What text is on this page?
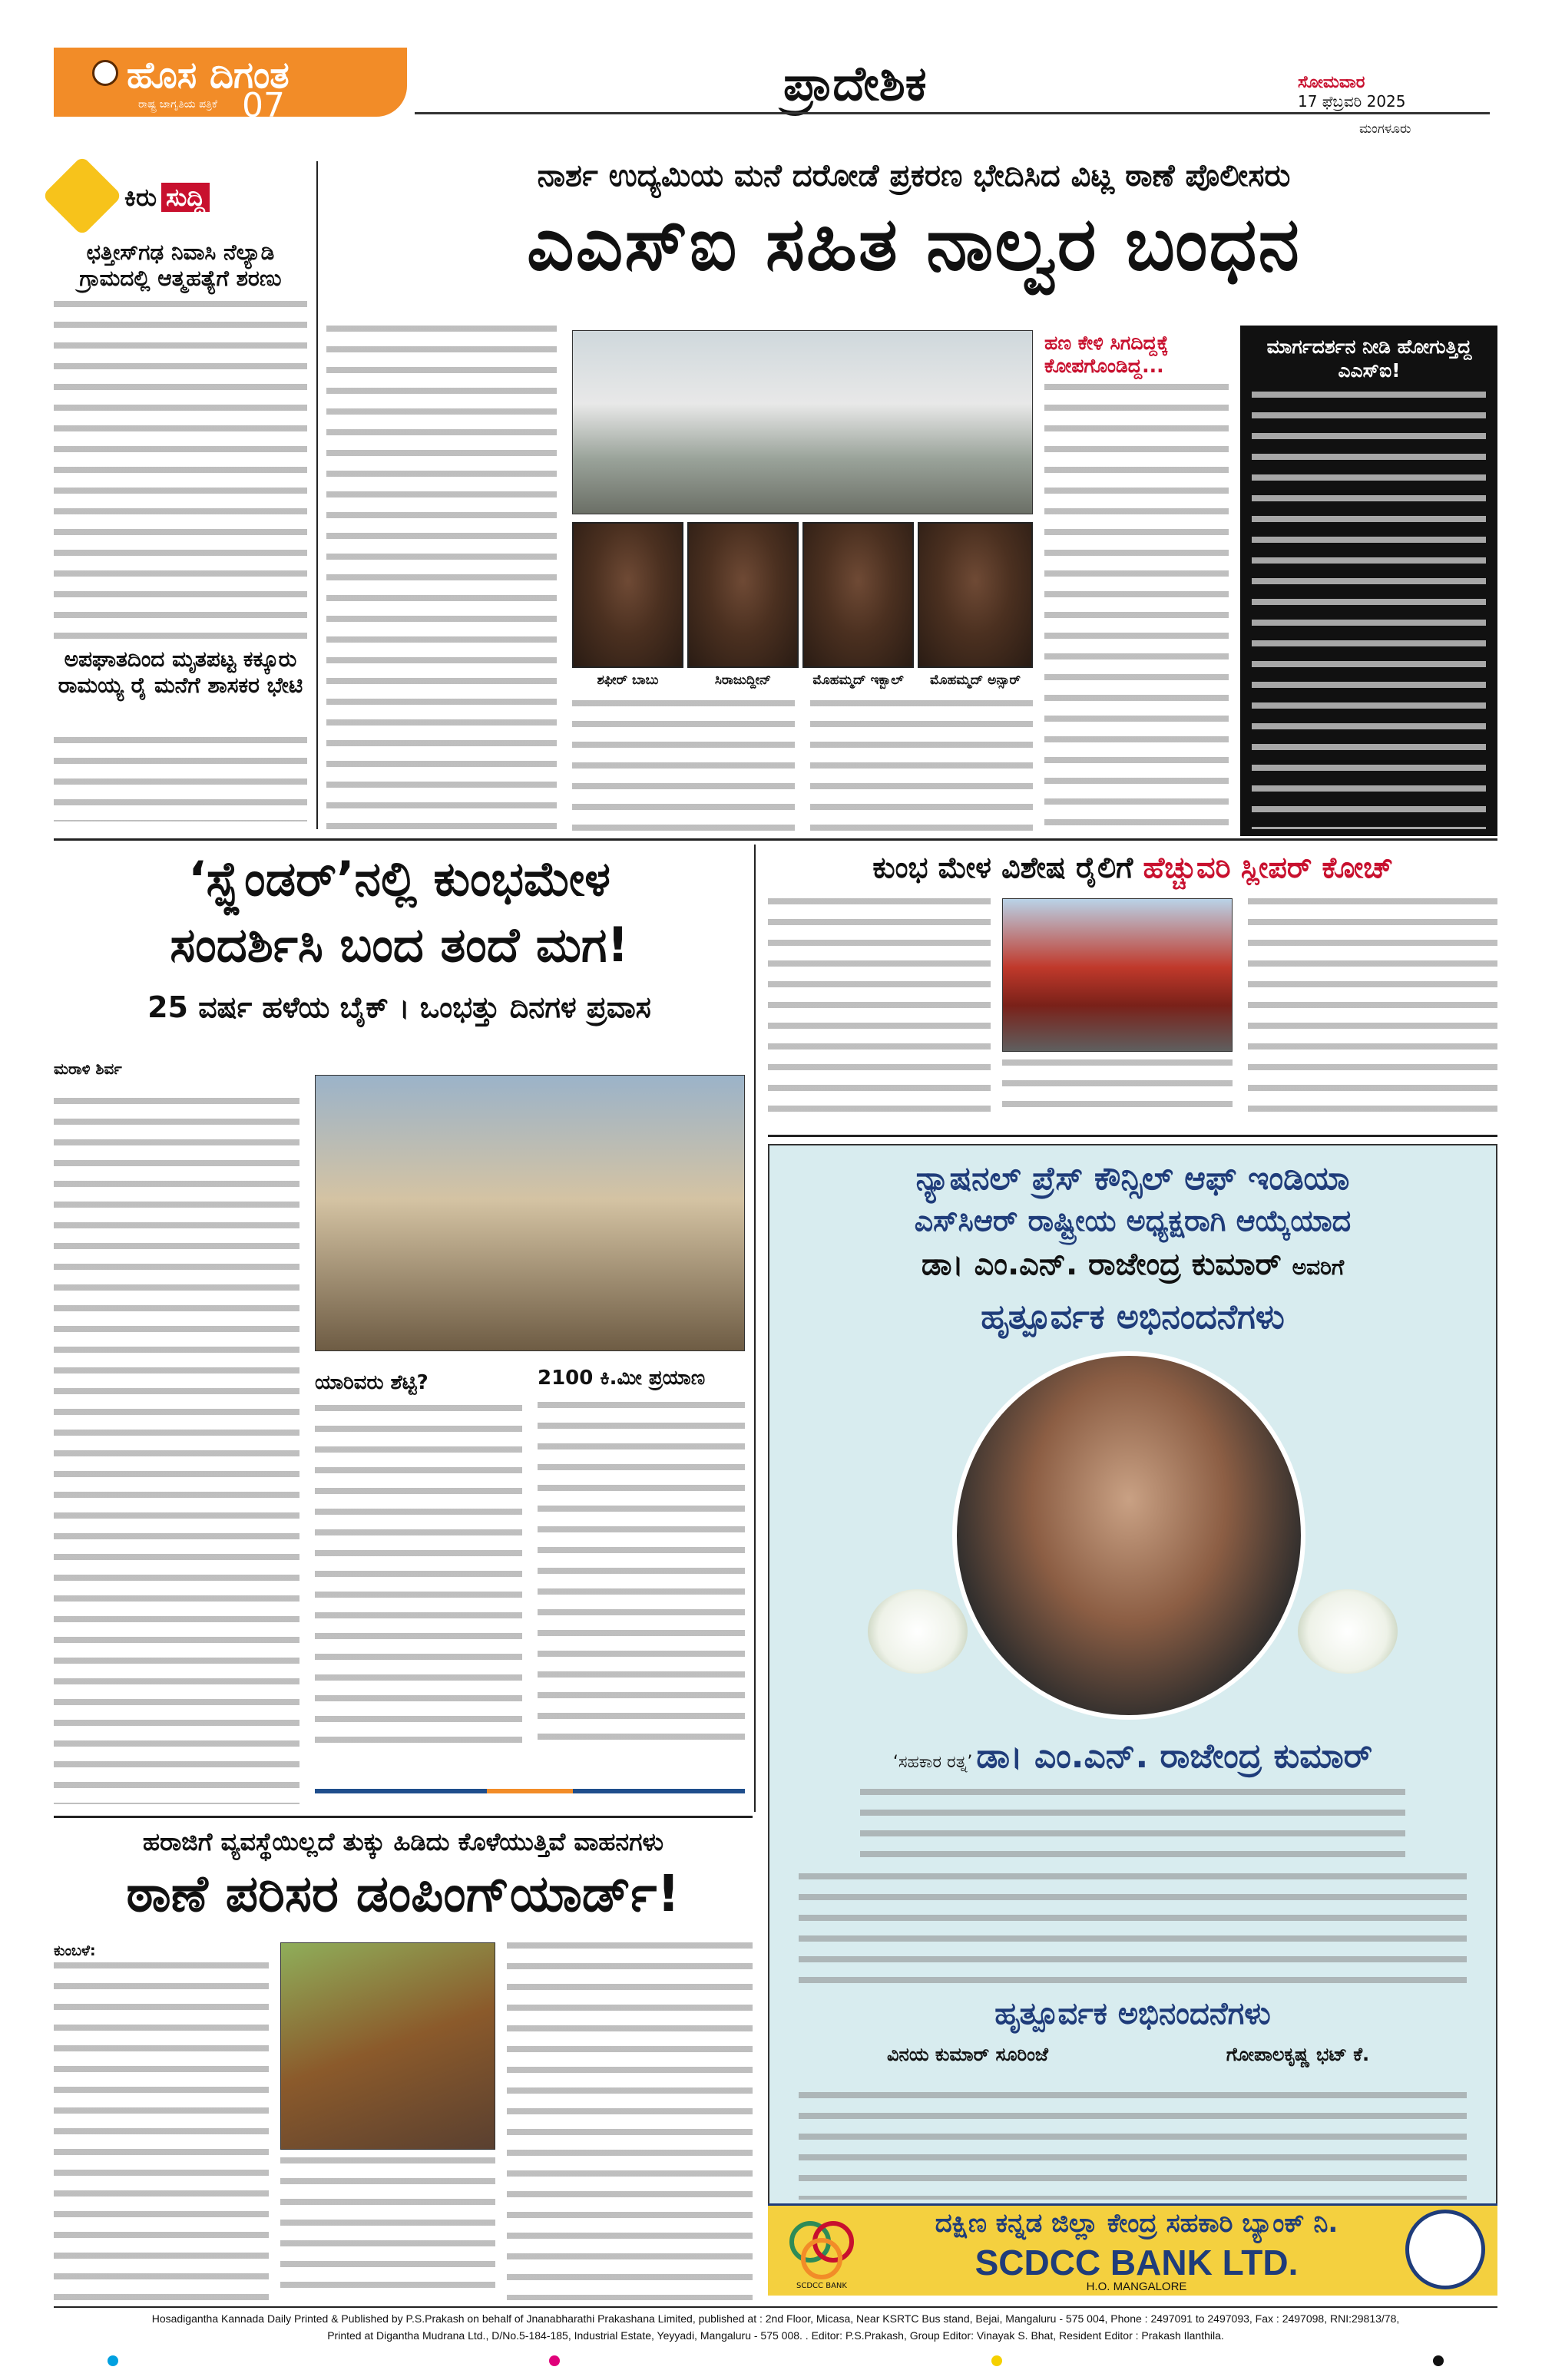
ಹೊಸ ದಿಗಂತ
ರಾಷ್ಟ್ರ ಜಾಗೃತಿಯ ಪತ್ರಿಕೆ 07	ಪ್ರಾದೇಶಿಕ	ಸೋಮವಾರ
17 ಫೆಬ್ರವರಿ 2025
ಮಂಗಳೂರು
ಕಿರು ಸುದ್ದಿ
ಛತ್ತೀಸ್‌ಗಢ ನಿವಾಸಿ ನೆಲ್ಯಾಡಿ ಗ್ರಾಮದಲ್ಲಿ ಆತ್ಮಹತ್ಯೆಗೆ ಶರಣು
ಅಪಘಾತದಿಂದ ಮೃತಪಟ್ಟ ಕಕ್ಕೂರು ರಾಮಯ್ಯ ರೈ ಮನೆಗೆ ಶಾಸಕರ ಭೇಟಿ
ನಾರ್ಶ ಉದ್ಯಮಿಯ ಮನೆ ದರೋಡೆ ಪ್ರಕರಣ ಭೇದಿಸಿದ ವಿಟ್ಲ ಠಾಣೆ ಪೊಲೀಸರು
ಎಎಸ್‌ಐ ಸಹಿತ ನಾಲ್ವರ ಬಂಧನ
ಶಫೀರ್ ಬಾಬು	ಸಿರಾಜುದ್ದೀನ್	ಮೊಹಮ್ಮದ್ ಇಕ್ಬಾಲ್	ಮೊಹಮ್ಮದ್ ಅನ್ಸಾರ್
ಹಣ ಕೇಳಿ ಸಿಗದಿದ್ದಕ್ಕೆ ಕೋಪಗೊಂಡಿದ್ದ...
ಮಾರ್ಗದರ್ಶನ ನೀಡಿ ಹೋಗುತ್ತಿದ್ದ ಎಎಸ್‌ಐ!
‘ಸ್ಪ್ಲೆಂಡರ್’ನಲ್ಲಿ ಕುಂಭಮೇಳ
ಸಂದರ್ಶಿಸಿ ಬಂದ ತಂದೆ ಮಗ!
25 ವರ್ಷ ಹಳೆಯ ಬೈಕ್ । ಒಂಭತ್ತು ದಿನಗಳ ಪ್ರವಾಸ
ಮರಾಳಿ ಶಿರ್ವ
ಯಾರಿವರು ಶೆಟ್ಟಿ?	2100 ಕಿ.ಮೀ ಪ್ರಯಾಣ
ಕುಂಭ ಮೇಳ ವಿಶೇಷ ರೈಲಿಗೆ ಹೆಚ್ಚುವರಿ ಸ್ಲೀಪರ್ ಕೋಚ್
ನ್ಯಾಷನಲ್ ಪ್ರೆಸ್ ಕೌನ್ಸಿಲ್ ಆಫ್ ಇಂಡಿಯಾ
ಎಸ್‌ಸಿಆರ್ ರಾಷ್ಟ್ರೀಯ ಅಧ್ಯಕ್ಷರಾಗಿ ಆಯ್ಕೆಯಾದ
ಡಾ। ಎಂ.ಎನ್. ರಾಜೇಂದ್ರ ಕುಮಾರ್ ಅವರಿಗೆ
ಹೃತ್ಪೂರ್ವಕ ಅಭಿನಂದನೆಗಳು
‘ಸಹಕಾರ ರತ್ನ’ ಡಾ। ಎಂ.ಎನ್. ರಾಜೇಂದ್ರ ಕುಮಾರ್
ಹೃತ್ಪೂರ್ವಕ ಅಭಿನಂದನೆಗಳು
ವಿನಯ ಕುಮಾರ್ ಸೂರಿಂಜೆ	ಗೋಪಾಲಕೃಷ್ಣ ಭಟ್ ಕೆ.
SCDCC BANK
ದಕ್ಷಿಣ ಕನ್ನಡ ಜಿಲ್ಲಾ ಕೇಂದ್ರ ಸಹಕಾರಿ ಬ್ಯಾಂಕ್ ನಿ.
SCDCC BANK LTD.
H.O. MANGALORE
ಹರಾಜಿಗೆ ವ್ಯವಸ್ಥೆಯಿಲ್ಲದೆ ತುಕ್ಕು ಹಿಡಿದು ಕೊಳೆಯುತ್ತಿವೆ ವಾಹನಗಳು
ಠಾಣೆ ಪರಿಸರ ಡಂಪಿಂಗ್‌ಯಾರ್ಡ್!
ಕುಂಬಳೆ:
Hosadigantha Kannada Daily Printed & Published by P.S.Prakash on behalf of Jnanabharathi Prakashana Limited, published at : 2nd Floor, Micasa, Near KSRTC Bus stand, Bejai, Mangaluru - 575 004, Phone : 2497091 to 2497093, Fax : 2497098, RNI:29813/78,
Printed at Digantha Mudrana Ltd., D/No.5-184-185, Industrial Estate, Yeyyadi, Mangaluru - 575 008. . Editor: P.S.Prakash, Group Editor: Vinayak S. Bhat, Resident Editor : Prakash Ilanthila.
